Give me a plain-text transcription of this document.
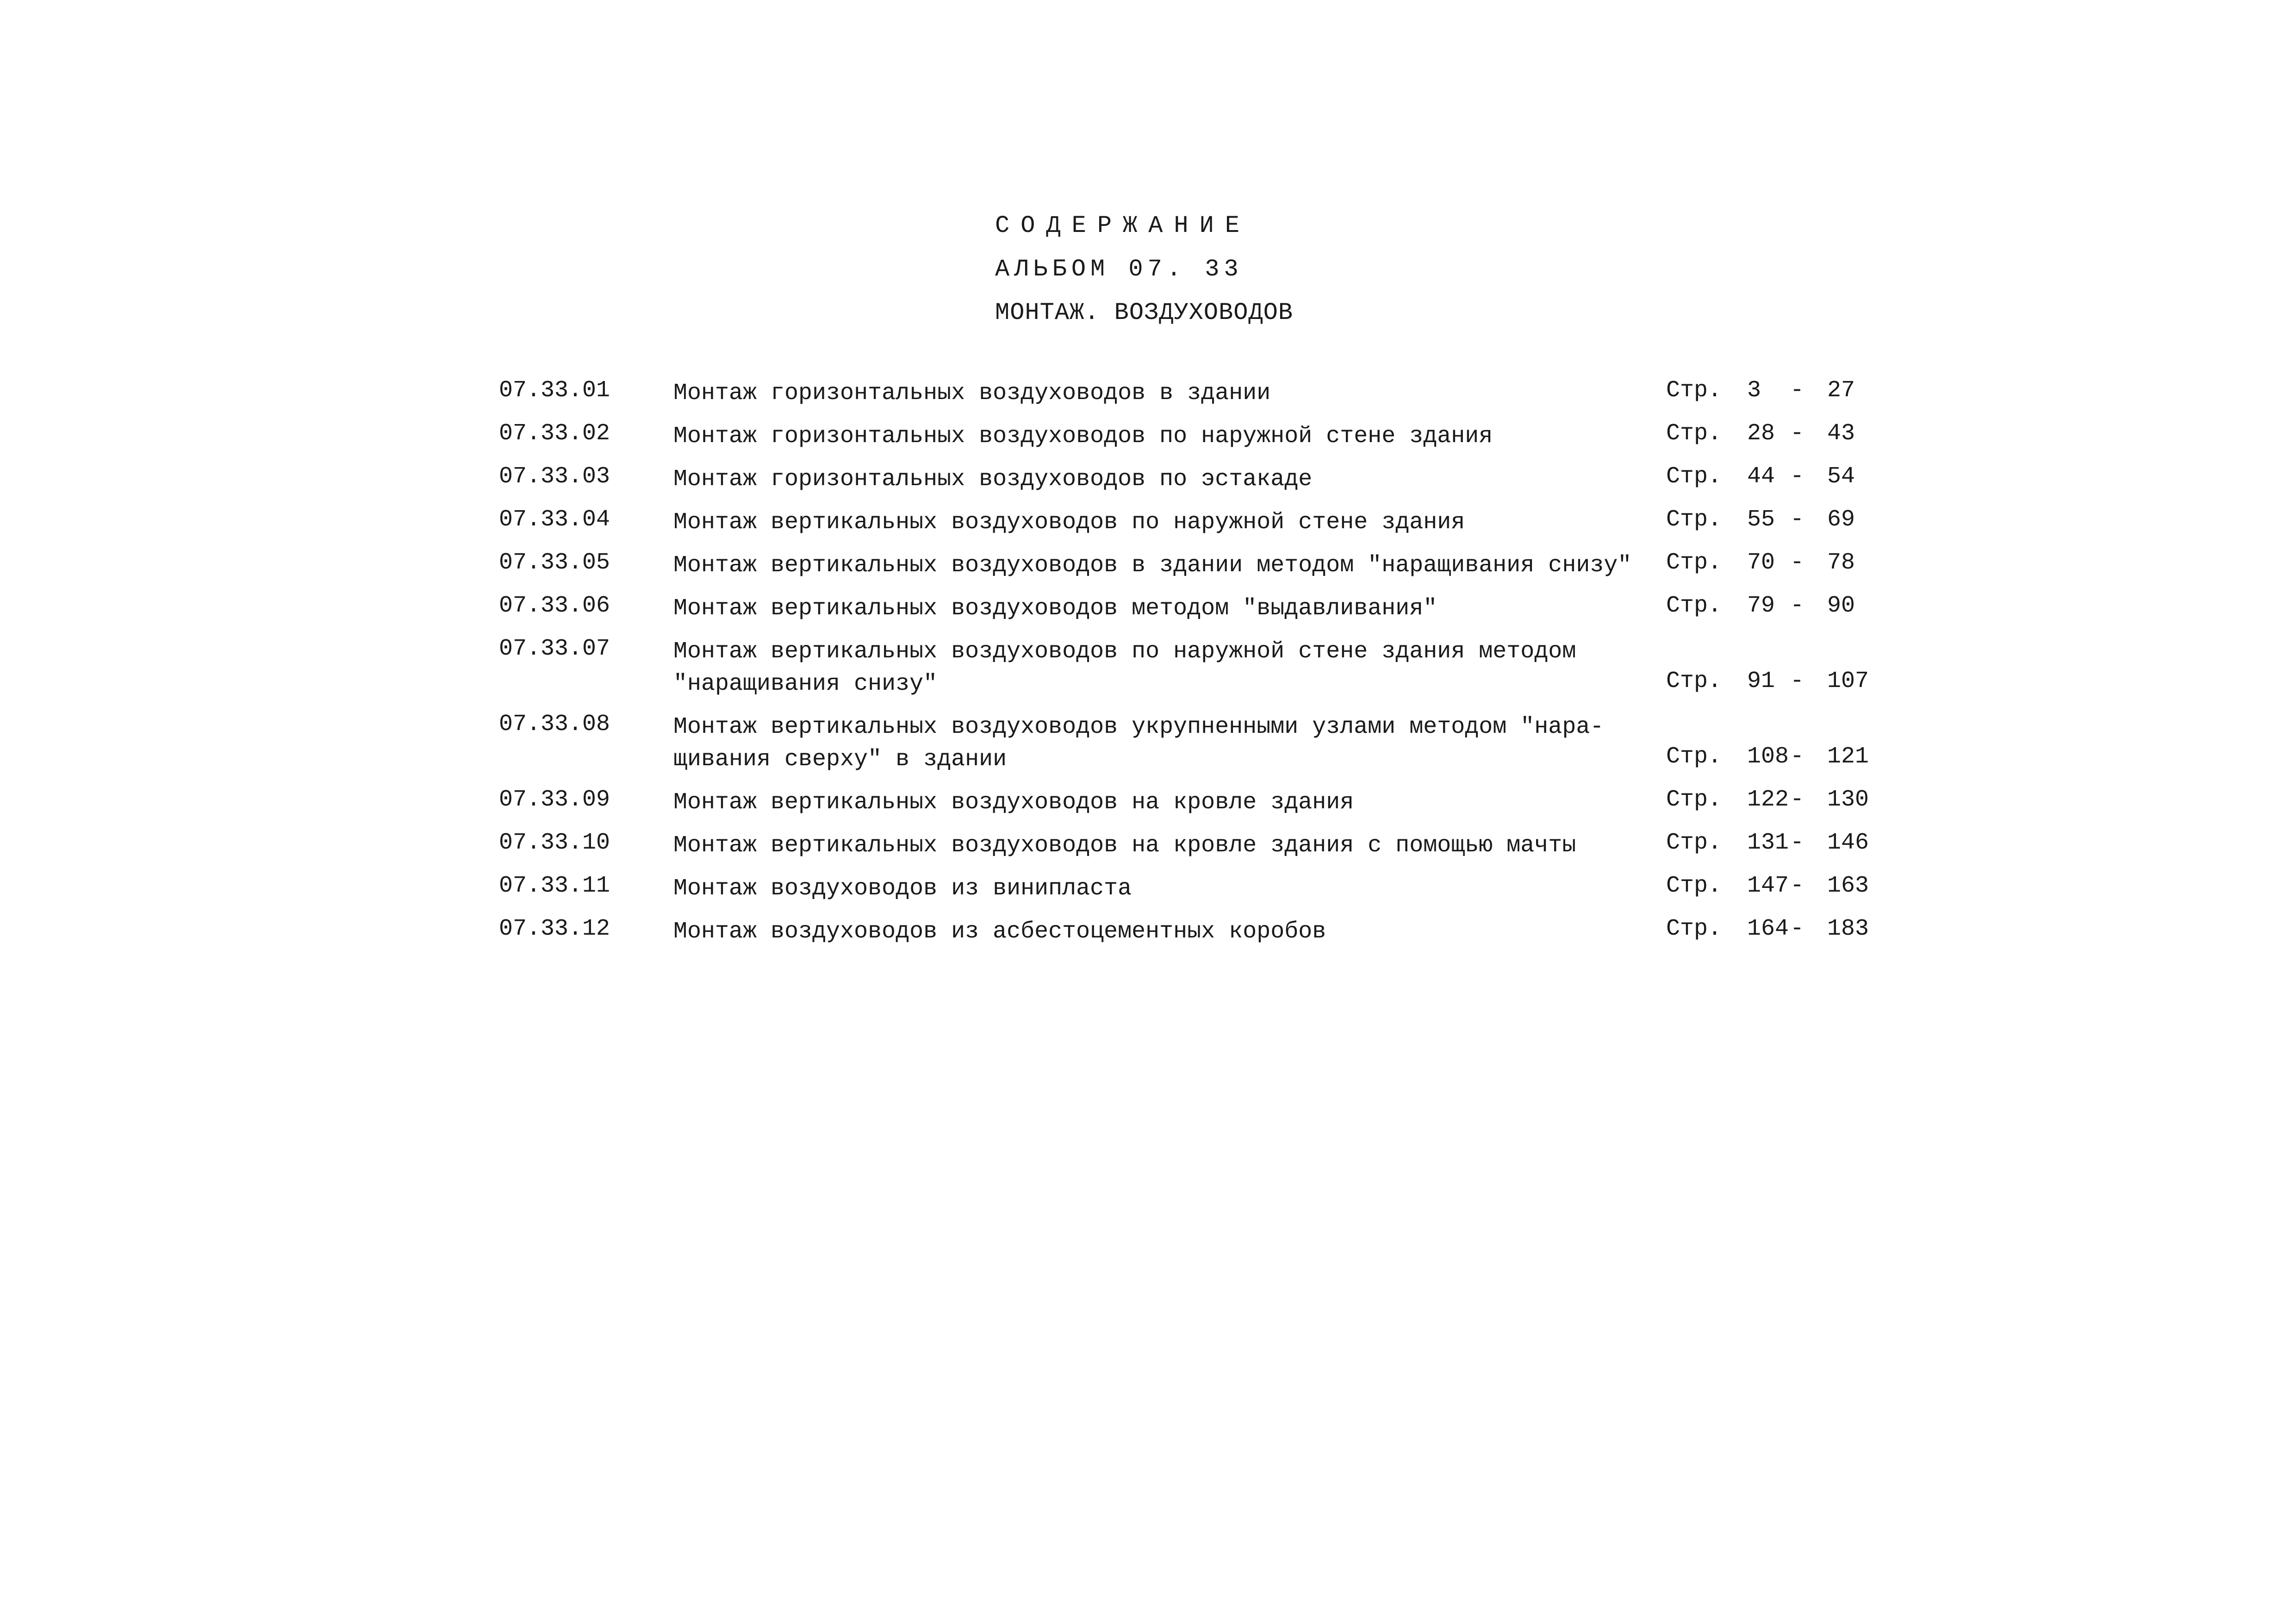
СОДЕРЖАНИЕ
АЛЬБОМ 07. 33
МОНТАЖ. ВОЗДУХОВОДОВ
07.33.01	Монтаж горизонтальных воздуховодов в здании	Стр. 3 - 27
07.33.02	Монтаж горизонтальных воздуховодов по наружной стене здания	Стр. 28 - 43
07.33.03	Монтаж горизонтальных воздуховодов по эстакаде	Стр. 44 - 54
07.33.04	Монтаж вертикальных воздуховодов по наружной стене здания	Стр. 55 - 69
07.33.05	Монтаж вертикальных воздуховодов в здании методом "наращивания снизу" Стр. 70 - 78
07.33.06	Монтаж вертикальных воздуховодов методом "выдавливания"	Стр. 79 - 90
07.33.07	Монтаж вертикальных воздуховодов по наружной стене здания методом
"наращивания снизу"	Стр. 91 - 107
07.33.08	Монтаж вертикальных воздуховодов укрупненными узлами методом "нара-
щивания сверху" в здании	Стр. 108 - 121
07.33.09	Монтаж вертикальных воздуховодов на кровле здания	Стр. 122 - 130
07.33.10	Монтаж вертикальных воздуховодов на кровле здания с помощью мачты	Стр. 131 - 146
07.33.11	Монтаж воздуховодов из винипласта	Стр. 147 - 163
07.33.12	Монтаж воздуховодов из асбестоцементных коробов	Стр. 164 - 183
